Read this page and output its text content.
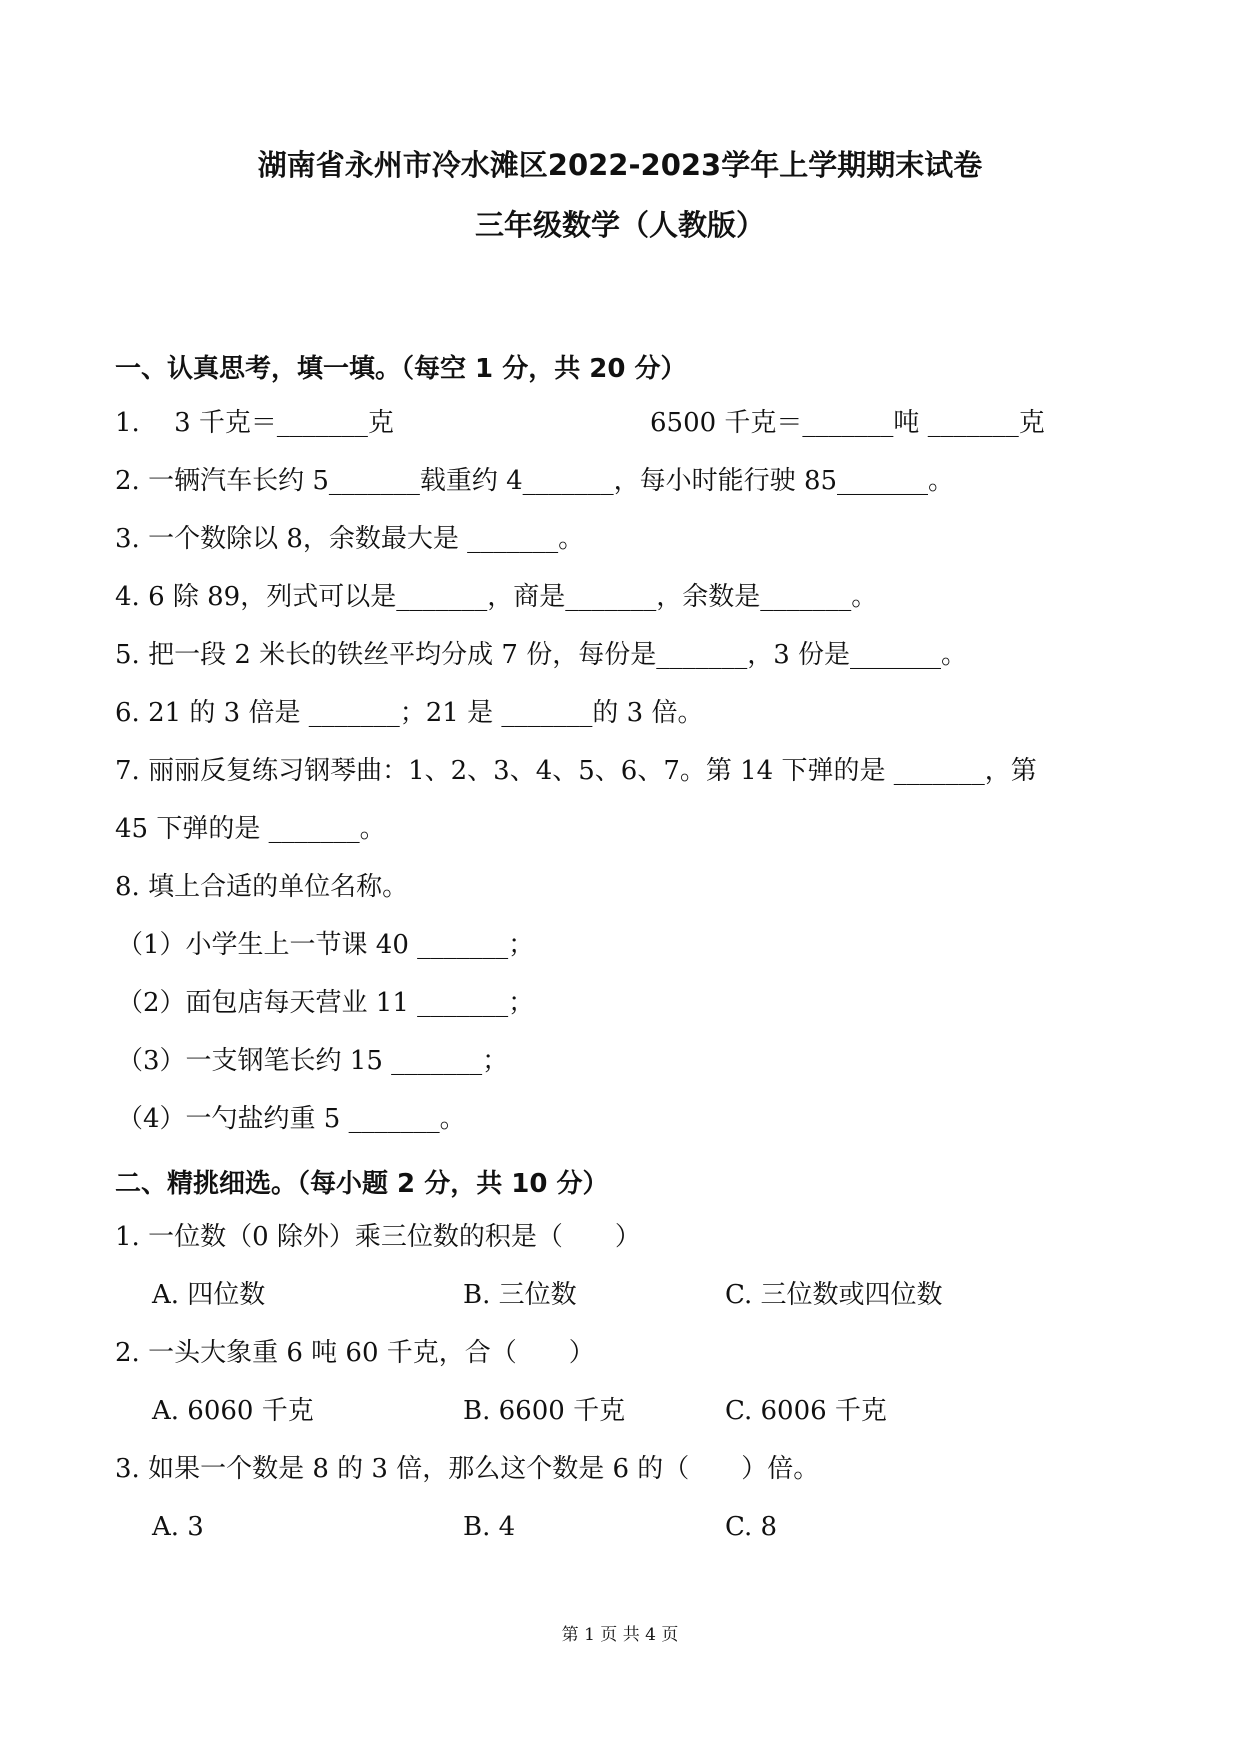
湖南省永州市冷水滩区2022-2023学年上学期期末试卷
三年级数学（人教版）
一、认真思考，填一填。（每空 1 分，共 20 分）
1.　 3 千克＝_______克	6500 千克＝_______吨 _______克
2. 一辆汽车长约 5_______载重约 4_______，每小时能行驶 85_______。
3. 一个数除以 8，余数最大是 _______。
4. 6 除 89，列式可以是_______，商是_______，余数是_______。
5. 把一段 2 米长的铁丝平均分成 7 份，每份是_______，3 份是_______。
6. 21 的 3 倍是 _______；21 是 _______的 3 倍。
7. 丽丽反复练习钢琴曲：1、2、3、4、5、6、7。第 14 下弹的是 _______，第
45 下弹的是 _______。
8. 填上合适的单位名称。
（1）小学生上一节课 40 _______；
（2）面包店每天营业 11 _______；
（3）一支钢笔长约 15 _______；
（4）一勺盐约重 5 _______。
二、精挑细选。（每小题 2 分，共 10 分）
1. 一位数（0 除外）乘三位数的积是（　　）
A. 四位数	B. 三位数	C. 三位数或四位数
2. 一头大象重 6 吨 60 千克，合（　　）
A. 6060 千克	B. 6600 千克	C. 6006 千克
3. 如果一个数是 8 的 3 倍，那么这个数是 6 的（　　）倍。
A. 3	B. 4	C. 8
第 1 页 共 4 页
